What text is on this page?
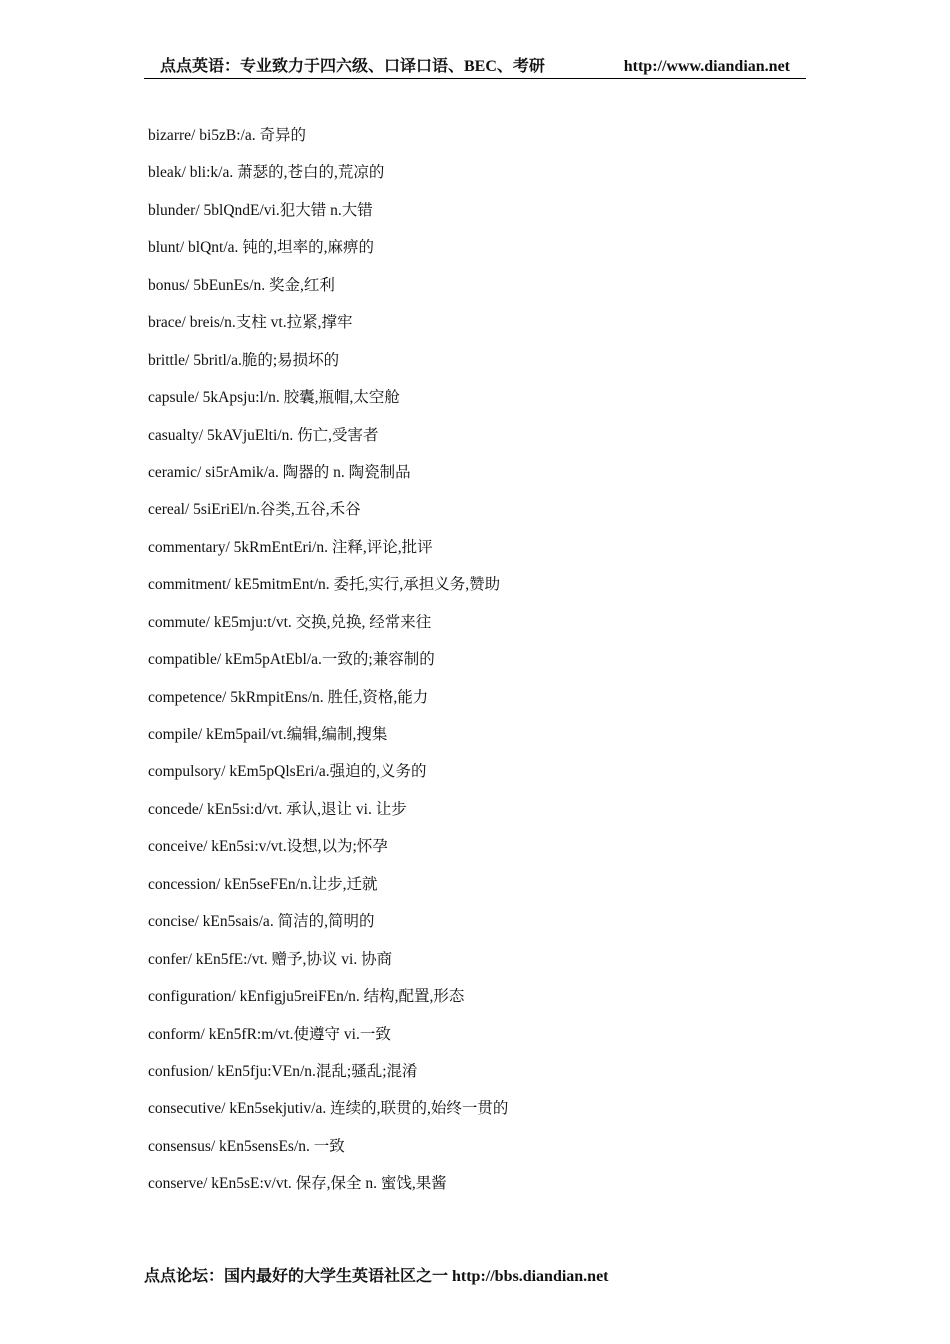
点点英语：专业致力于四六级、口译口语、BEC、考研	http://www.diandian.net
bizarre/ bi5zB:/a. 奇异的
bleak/ bli:k/a. 萧瑟的,苍白的,荒凉的
blunder/ 5blQndE/vi.犯大错 n.大错
blunt/ blQnt/a. 钝的,坦率的,麻痹的
bonus/ 5bEunEs/n. 奖金,红利
brace/ breis/n.支柱 vt.拉紧,撑牢
brittle/ 5britl/a.脆的;易损坏的
capsule/ 5kApsju:l/n. 胶囊,瓶帽,太空舱
casualty/ 5kAVjuElti/n. 伤亡,受害者
ceramic/ si5rAmik/a. 陶器的 n. 陶瓷制品
cereal/ 5siEriEl/n.谷类,五谷,禾谷
commentary/ 5kRmEntEri/n. 注释,评论,批评
commitment/ kE5mitmEnt/n. 委托,实行,承担义务,赞助
commute/ kE5mju:t/vt. 交换,兑换, 经常来往
compatible/ kEm5pAtEbl/a.一致的;兼容制的
competence/ 5kRmpitEns/n. 胜任,资格,能力
compile/ kEm5pail/vt.编辑,编制,搜集
compulsory/ kEm5pQlsEri/a.强迫的,义务的
concede/ kEn5si:d/vt. 承认,退让 vi. 让步
conceive/ kEn5si:v/vt.设想,以为;怀孕
concession/ kEn5seFEn/n.让步,迁就
concise/ kEn5sais/a. 简洁的,简明的
confer/ kEn5fE:/vt. 赠予,协议 vi. 协商
configuration/ kEnfigju5reiFEn/n. 结构,配置,形态
conform/ kEn5fR:m/vt.使遵守 vi.一致
confusion/ kEn5fju:VEn/n.混乱;骚乱;混淆
consecutive/ kEn5sekjutiv/a. 连续的,联贯的,始终一贯的
consensus/ kEn5sensEs/n. 一致
conserve/ kEn5sE:v/vt. 保存,保全 n. 蜜饯,果酱
点点论坛：国内最好的大学生英语社区之一 http://bbs.diandian.net
